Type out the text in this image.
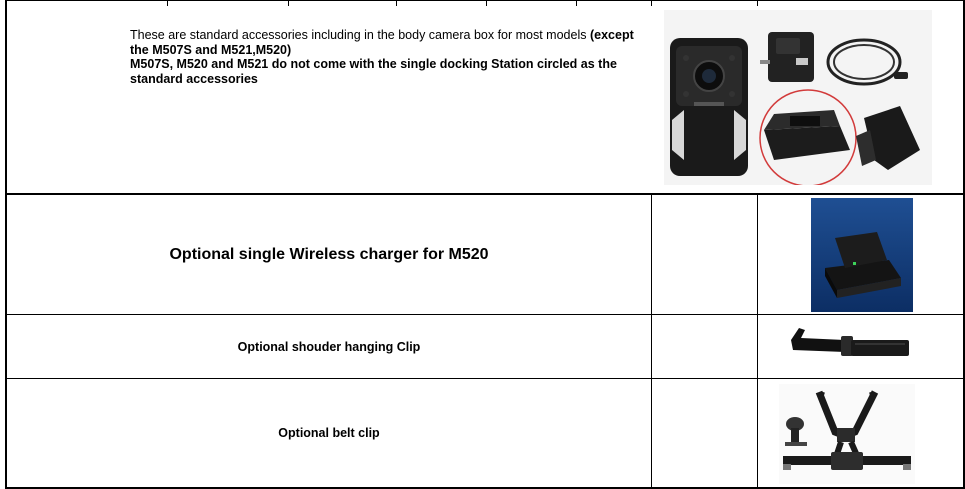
These are standard accessories including in the body camera box for most models (except the M507S and M521,M520)
M507S, M520 and M521 do not come with the single docking Station circled as the standard accessories
Optional single Wireless charger for M520
Optional shouder hanging Clip
Optional belt clip
